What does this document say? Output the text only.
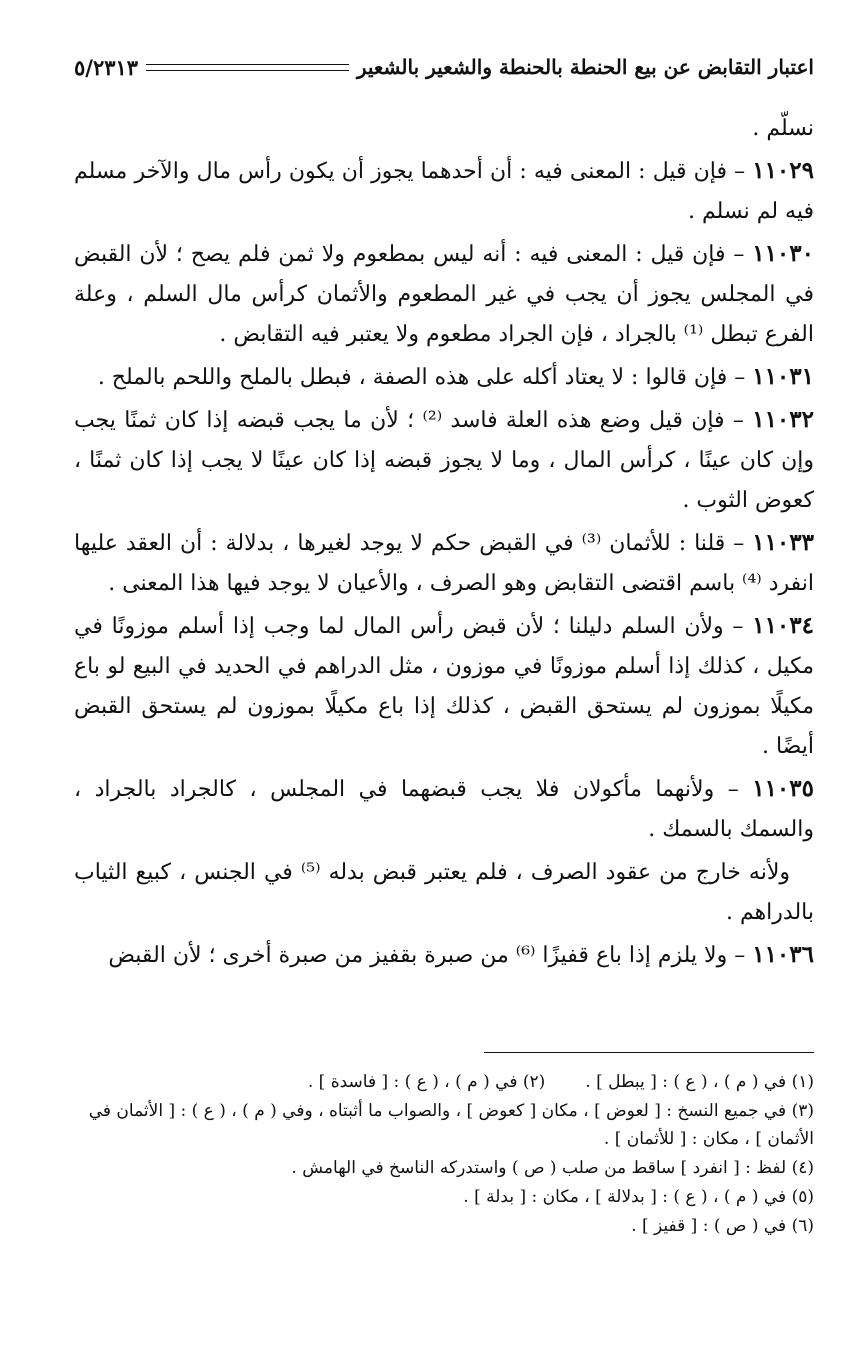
اعتبار التقابض عن بيع الحنطة بالحنطة والشعير بالشعير
٥/٢٣١٣

نسلّم .

١١٠٢٩ – فإن قيل : المعنى فيه : أن أحدهما يجوز أن يكون رأس مال والآخر مسلم فيه لم نسلم .

١١٠٣٠ – فإن قيل : المعنى فيه : أنه ليس بمطعوم ولا ثمن فلم يصح ؛ لأن القبض في المجلس يجوز أن يجب في غير المطعوم والأثمان كرأس مال السلم ، وعلة الفرع تبطل ⁽¹⁾ بالجراد ، فإن الجراد مطعوم ولا يعتبر فيه التقابض .

١١٠٣١ – فإن قالوا : لا يعتاد أكله على هذه الصفة ، فبطل بالملح واللحم بالملح .

١١٠٣٢ – فإن قيل وضع هذه العلة فاسد ⁽²⁾ ؛ لأن ما يجب قبضه إذا كان ثمنًا يجب وإن كان عينًا ، كرأس المال ، وما لا يجوز قبضه إذا كان عينًا لا يجب إذا كان ثمنًا ، كعوض الثوب .

١١٠٣٣ – قلنا : للأثمان ⁽³⁾ في القبض حكم لا يوجد لغيرها ، بدلالة : أن العقد عليها انفرد ⁽⁴⁾ باسم اقتضى التقابض وهو الصرف ، والأعيان لا يوجد فيها هذا المعنى .

١١٠٣٤ – ولأن السلم دليلنا ؛ لأن قبض رأس المال لما وجب إذا أسلم موزونًا في مكيل ، كذلك إذا أسلم موزونًا في موزون ، مثل الدراهم في الحديد في البيع لو باع مكيلًا بموزون لم يستحق القبض ، كذلك إذا باع مكيلًا بموزون لم يستحق القبض أيضًا .

١١٠٣٥ – ولأنهما مأكولان فلا يجب قبضهما في المجلس ، كالجراد بالجراد ، والسمك بالسمك .

ولأنه خارج من عقود الصرف ، فلم يعتبر قبض بدله ⁽⁵⁾ في الجنس ، كبيع الثياب بالدراهم .

١١٠٣٦ – ولا يلزم إذا باع قفيزًا ⁽⁶⁾ من صبرة بقفيز من صبرة أخرى ؛ لأن القبض

(١) في ( م ) ، ( ع ) : [ يبطل ] .
(٢) في ( م ) ، ( ع ) : [ فاسدة ] .
(٣) في جميع النسخ : [ لعوض ] ، مكان [ كعوض ] ، والصواب ما أثبتاه ، وفي ( م ) ، ( ع ) : [ الأثمان في الأثمان ] ، مكان : [ للأثمان ] .
(٤) لفظ : [ انفرد ] ساقط من صلب ( ص ) واستدركه الناسخ في الهامش .
(٥) في ( م ) ، ( ع ) : [ بدلالة ] ، مكان : [ بدلة ] .
(٦) في ( ص ) : [ قفيز ] .
